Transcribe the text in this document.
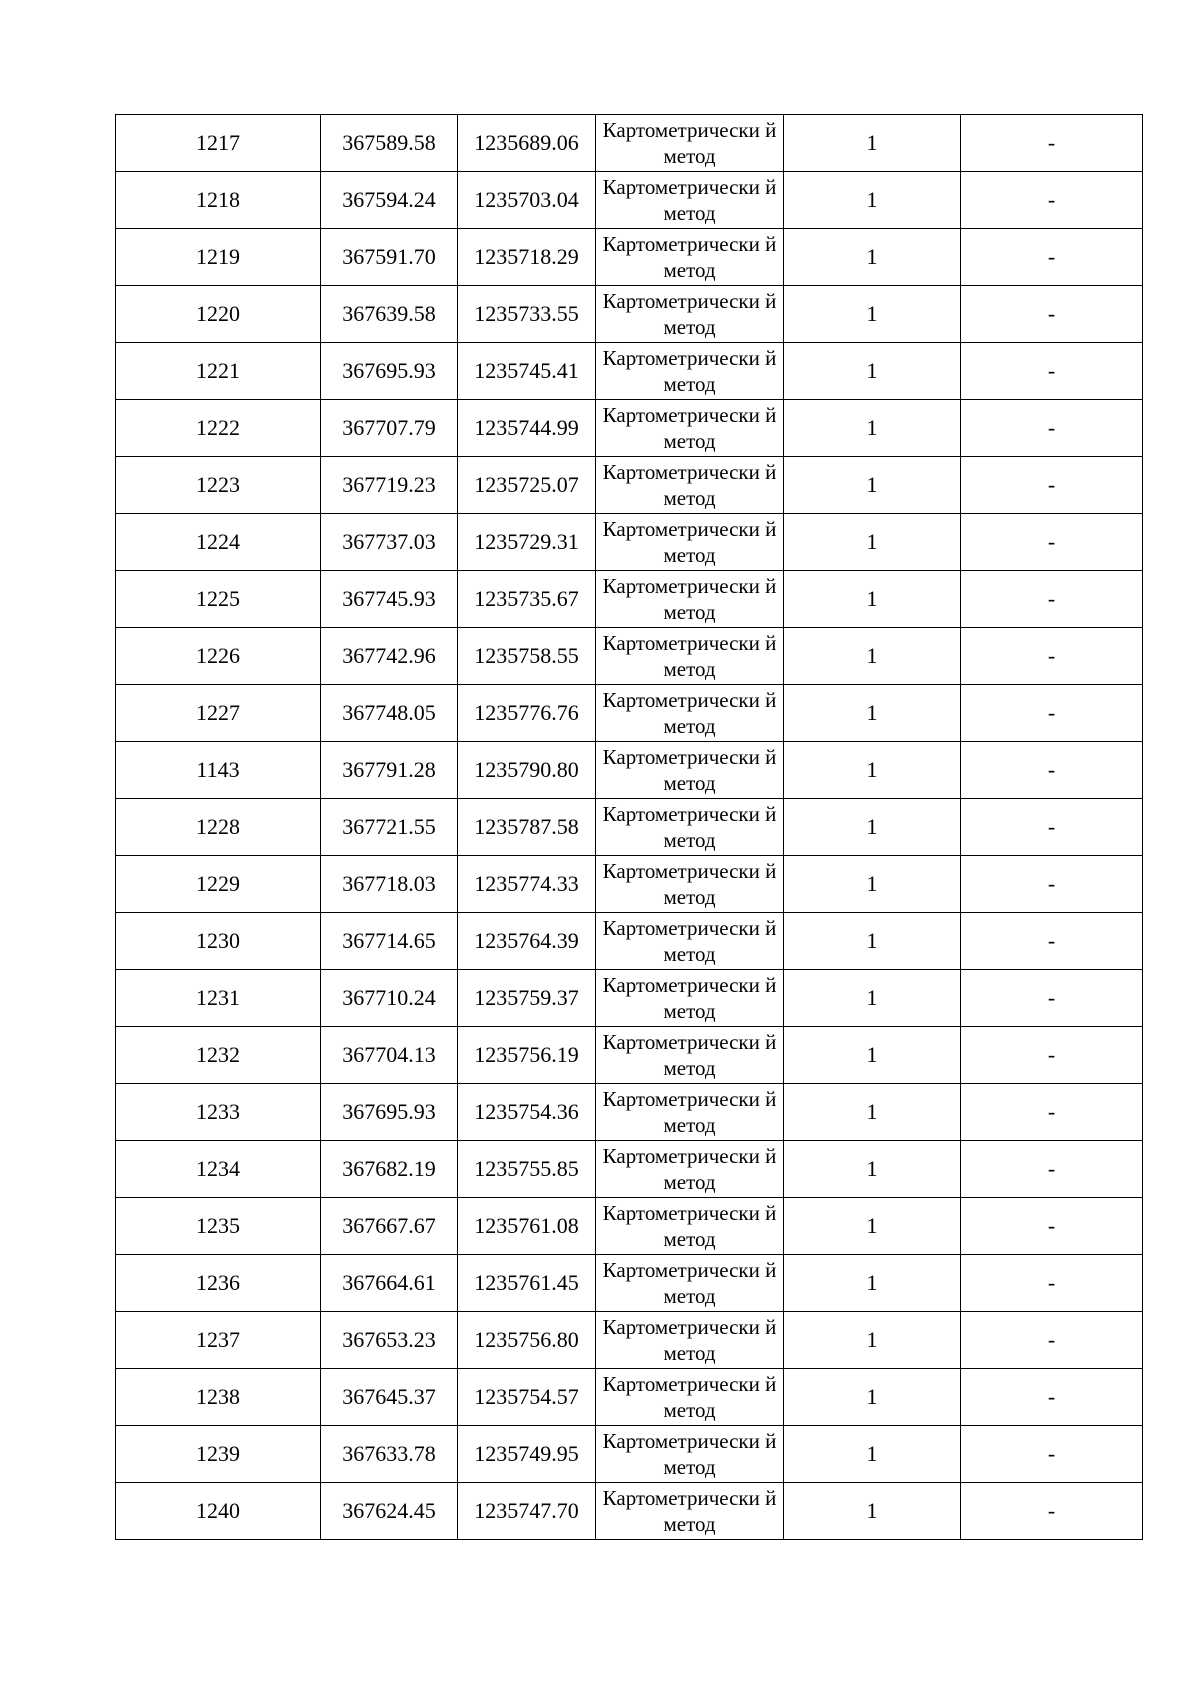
1217	367589.58	1235689.06	Картометрически й метод	1	-
1218	367594.24	1235703.04	Картометрически й метод	1	-
1219	367591.70	1235718.29	Картометрически й метод	1	-
1220	367639.58	1235733.55	Картометрически й метод	1	-
1221	367695.93	1235745.41	Картометрически й метод	1	-
1222	367707.79	1235744.99	Картометрически й метод	1	-
1223	367719.23	1235725.07	Картометрически й метод	1	-
1224	367737.03	1235729.31	Картометрически й метод	1	-
1225	367745.93	1235735.67	Картометрически й метод	1	-
1226	367742.96	1235758.55	Картометрически й метод	1	-
1227	367748.05	1235776.76	Картометрически й метод	1	-
1143	367791.28	1235790.80	Картометрически й метод	1	-
1228	367721.55	1235787.58	Картометрически й метод	1	-
1229	367718.03	1235774.33	Картометрически й метод	1	-
1230	367714.65	1235764.39	Картометрически й метод	1	-
1231	367710.24	1235759.37	Картометрически й метод	1	-
1232	367704.13	1235756.19	Картометрически й метод	1	-
1233	367695.93	1235754.36	Картометрически й метод	1	-
1234	367682.19	1235755.85	Картометрически й метод	1	-
1235	367667.67	1235761.08	Картометрически й метод	1	-
1236	367664.61	1235761.45	Картометрически й метод	1	-
1237	367653.23	1235756.80	Картометрически й метод	1	-
1238	367645.37	1235754.57	Картометрически й метод	1	-
1239	367633.78	1235749.95	Картометрически й метод	1	-
1240	367624.45	1235747.70	Картометрически й метод	1	-
